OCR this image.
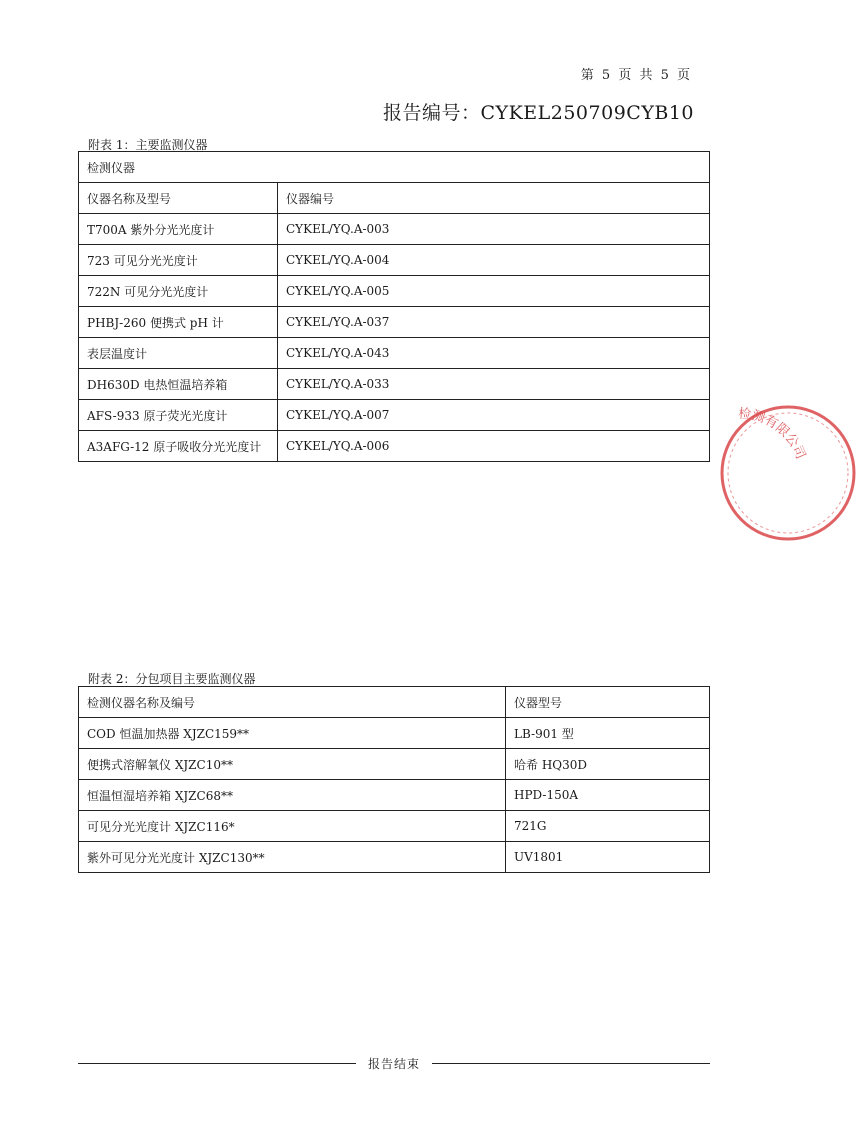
第 5 页 共 5 页
报告编号：CYKEL250709CYB10
附表 1：主要监测仪器
检测仪器	
仪器名称及型号	仪器编号
T700A 紫外分光光度计	CYKEL/YQ.A-003
723 可见分光光度计	CYKEL/YQ.A-004
722N 可见分光光度计	CYKEL/YQ.A-005
PHBJ-260 便携式 pH 计	CYKEL/YQ.A-037
表层温度计	CYKEL/YQ.A-043
DH630D 电热恒温培养箱	CYKEL/YQ.A-033
AFS-933 原子荧光光度计	CYKEL/YQ.A-007
A3AFG-12 原子吸收分光光度计	CYKEL/YQ.A-006
检测有限公司
附表 2：分包项目主要监测仪器
检测仪器名称及编号	仪器型号
COD 恒温加热器 XJZC159**	LB-901 型
便携式溶解氧仪 XJZC10**	哈希 HQ30D
恒温恒湿培养箱 XJZC68**	HPD-150A
可见分光光度计 XJZC116*	721G
紫外可见分光光度计 XJZC130**	UV1801
报告结束
